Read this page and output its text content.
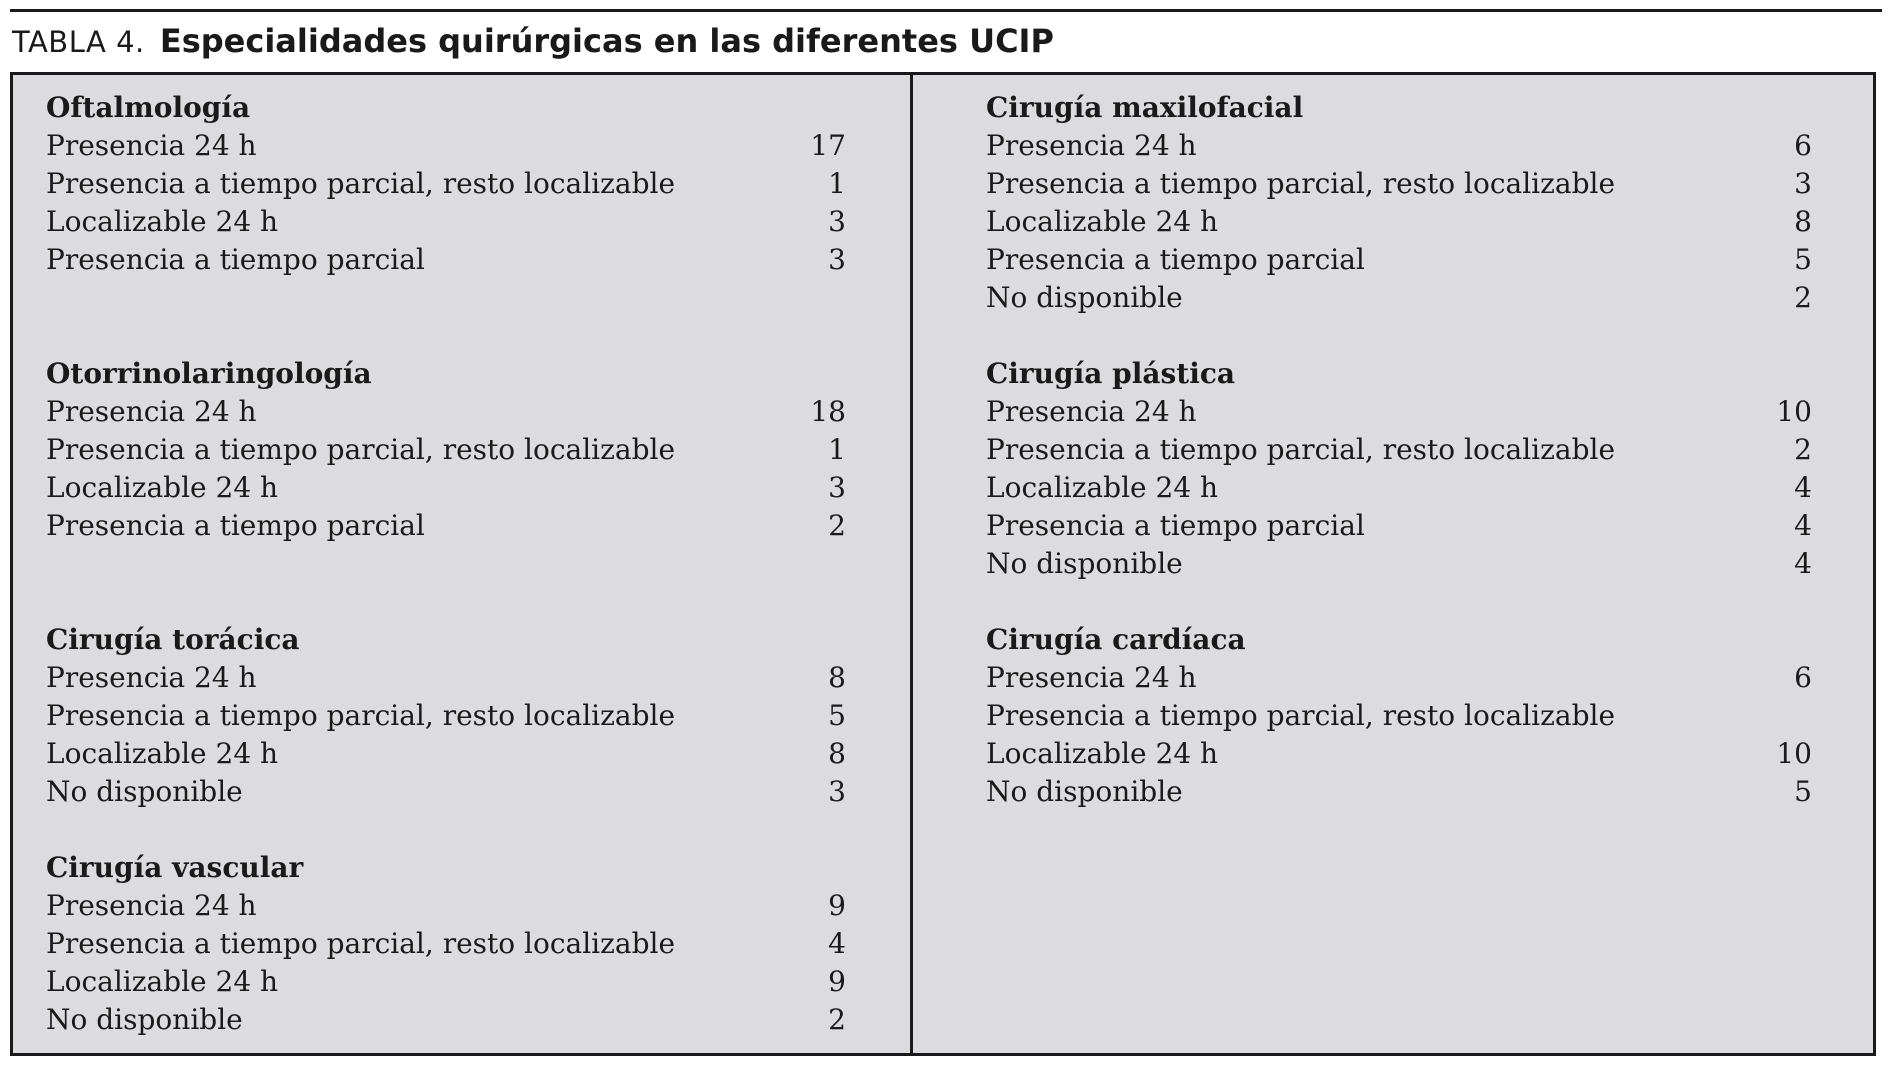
TABLA 4. Especialidades quirúrgicas en las diferentes UCIP
Oftalmología
Presencia 24 h	17
Presencia a tiempo parcial, resto localizable	1
Localizable 24 h	3
Presencia a tiempo parcial	3
Otorrinolaringología
Presencia 24 h	18
Presencia a tiempo parcial, resto localizable	1
Localizable 24 h	3
Presencia a tiempo parcial	2
Cirugía torácica
Presencia 24 h	8
Presencia a tiempo parcial, resto localizable	5
Localizable 24 h	8
No disponible	3
Cirugía vascular
Presencia 24 h	9
Presencia a tiempo parcial, resto localizable	4
Localizable 24 h	9
No disponible	2
Cirugía maxilofacial
Presencia 24 h	6
Presencia a tiempo parcial, resto localizable	3
Localizable 24 h	8
Presencia a tiempo parcial	5
No disponible	2
Cirugía plástica
Presencia 24 h	10
Presencia a tiempo parcial, resto localizable	2
Localizable 24 h	4
Presencia a tiempo parcial	4
No disponible	4
Cirugía cardíaca
Presencia 24 h	6
Presencia a tiempo parcial, resto localizable
Localizable 24 h	10
No disponible	5
